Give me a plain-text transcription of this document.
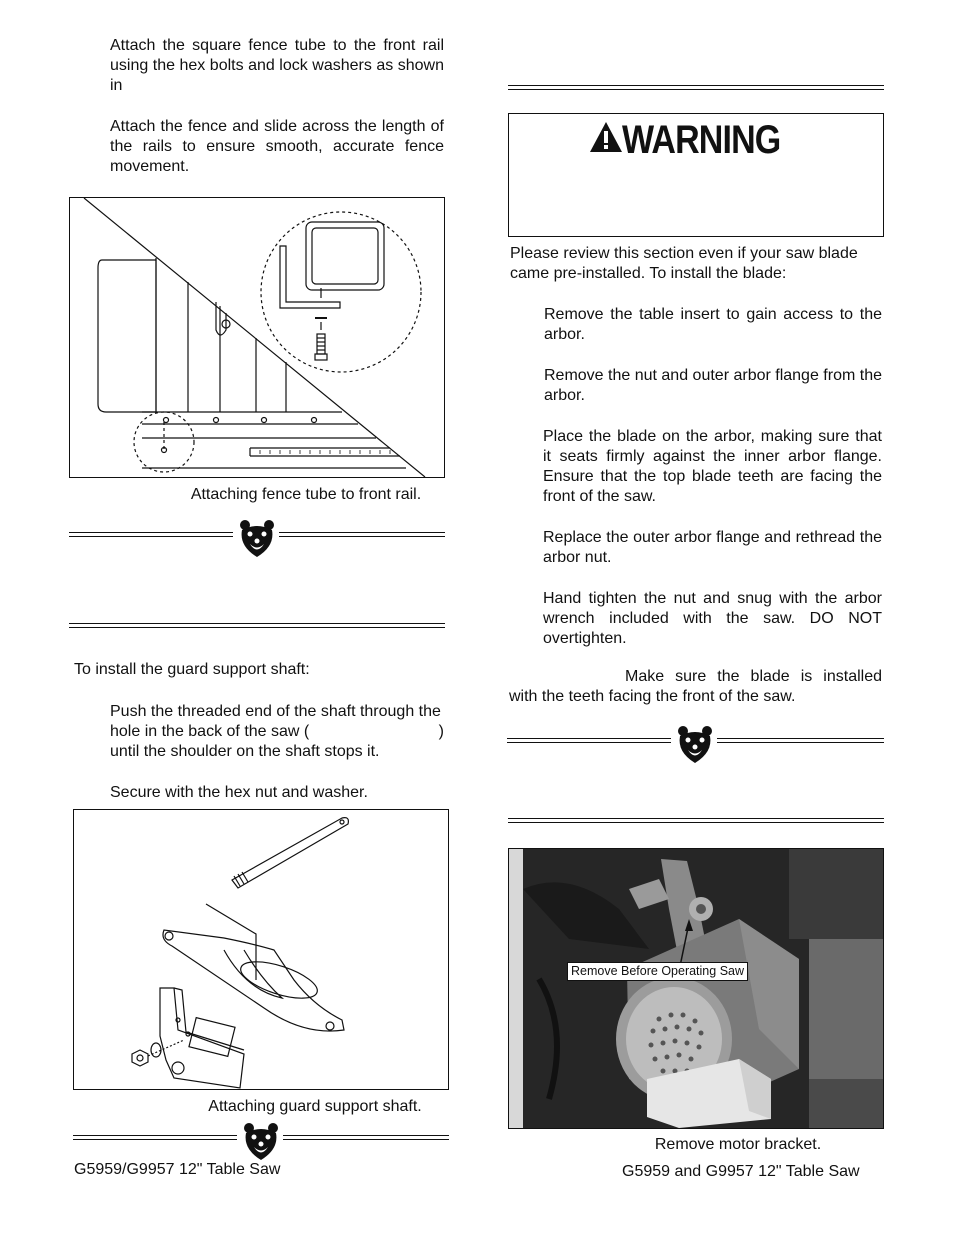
Attach the square fence tube to the front rail using the hex bolts and lock washers as shown in
Attach the fence and slide across the length of the rails to ensure smooth, accurate fence movement.
Attaching fence tube to front rail.
To install the guard support shaft:
Push the threaded end of the shaft through the hole in the back of the saw (	)
until the shoulder on the shaft stops it.
Secure with the hex nut and washer.
Attaching guard support shaft.
G5959/G9957 12" Table Saw
WARNING
Please review this section even if your saw blade came pre-installed. To install the blade:
Remove the table insert to gain access to the arbor.
Remove the nut and outer arbor flange from the arbor.
Place the blade on the arbor, making sure that it seats firmly against the inner arbor flange. Ensure that the top blade teeth are facing the front of the saw.
Replace the outer arbor flange and rethread the arbor nut.
Hand tighten the nut and snug with the arbor wrench included with the saw. DO NOT overtighten.
Make sure the blade is installed with the teeth facing the front of the saw.
Remove Before Operating Saw
Remove motor bracket.
G5959 and G9957 12" Table Saw
